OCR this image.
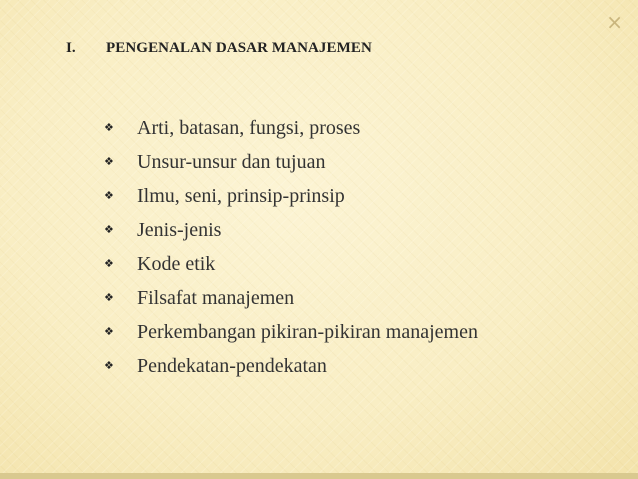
×
I. PENGENALAN DASAR MANAJEMEN
❖	Arti, batasan, fungsi, proses
❖	Unsur-unsur dan tujuan
❖	Ilmu, seni, prinsip-prinsip
❖	Jenis-jenis
❖	Kode etik
❖	Filsafat manajemen
❖	Perkembangan pikiran-pikiran manajemen
❖	Pendekatan-pendekatan
